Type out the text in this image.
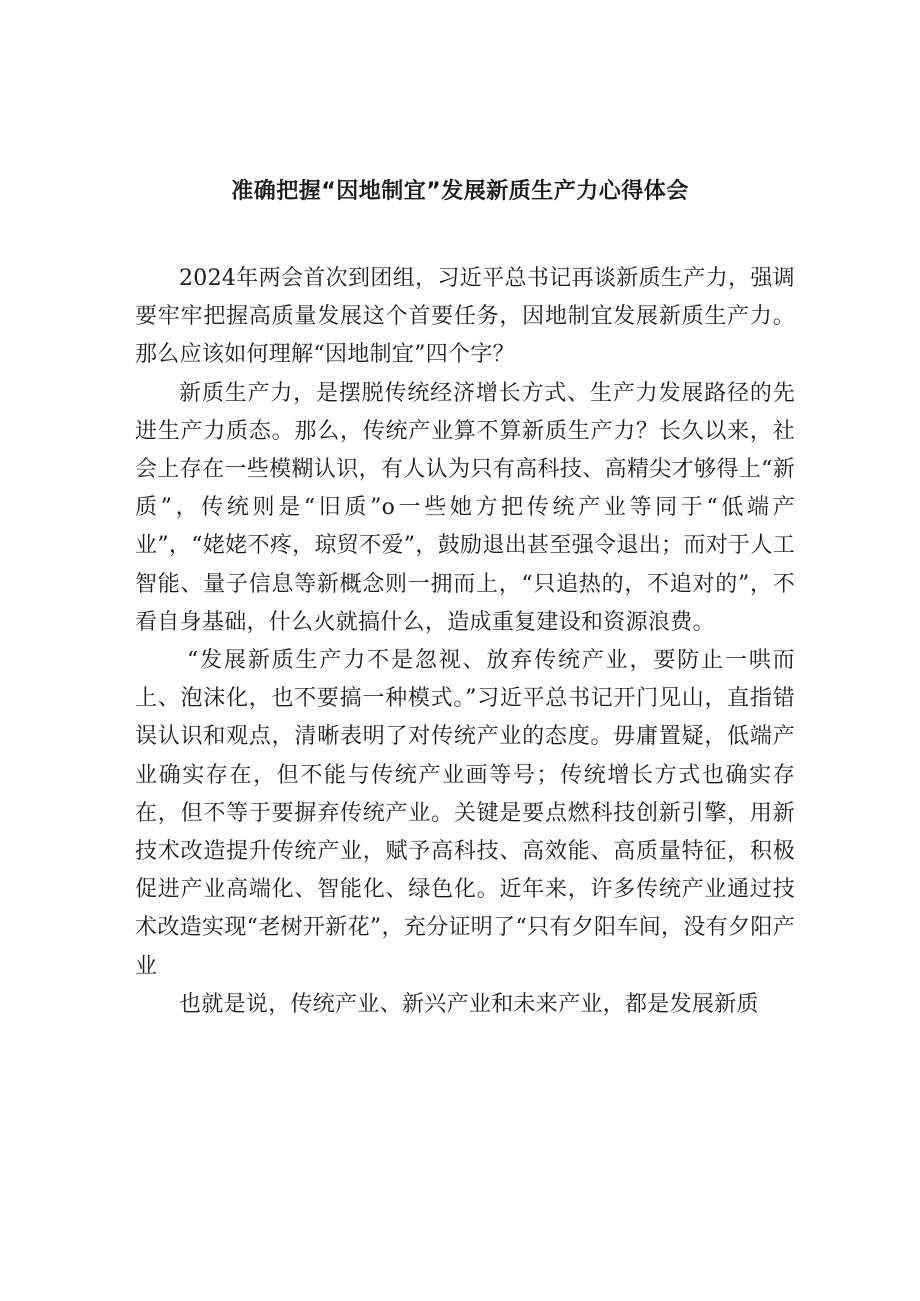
准确把握“因地制宜”发展新质生产力心得体会

2024年两会首次到团组，习近平总书记再谈新质生产力，强调要牢牢把握高质量发展这个首要任务，因地制宜发展新质生产力。那么应该如何理解“因地制宜”四个字？

新质生产力，是摆脱传统经济增长方式、生产力发展路径的先进生产力质态。那么，传统产业算不算新质生产力？长久以来，社会上存在一些模糊认识，有人认为只有高科技、高精尖才够得上“新质”，传统则是“旧质”o一些她方把传统产业等同于“低端产业”，“姥姥不疼，琼贸不爱”，鼓励退出甚至强令退出；而对于人工智能、量子信息等新概念则一拥而上，“只追热的，不追对的”，不看自身基础，什么火就搞什么，造成重复建设和资源浪费。

“发展新质生产力不是忽视、放弃传统产业，要防止一哄而上、泡沫化，也不要搞一种模式。”习近平总书记开门见山，直指错误认识和观点，清晰表明了对传统产业的态度。毋庸置疑，低端产业确实存在，但不能与传统产业画等号；传统增长方式也确实存在，但不等于要摒弃传统产业。关键是要点燃科技创新引擎，用新技术改造提升传统产业，赋予高科技、高效能、高质量特征，积极促进产业高端化、智能化、绿色化。近年来，许多传统产业通过技术改造实现“老树开新花”，充分证明了“只有夕阳车间，没有夕阳产业

也就是说，传统产业、新兴产业和未来产业，都是发展新质
